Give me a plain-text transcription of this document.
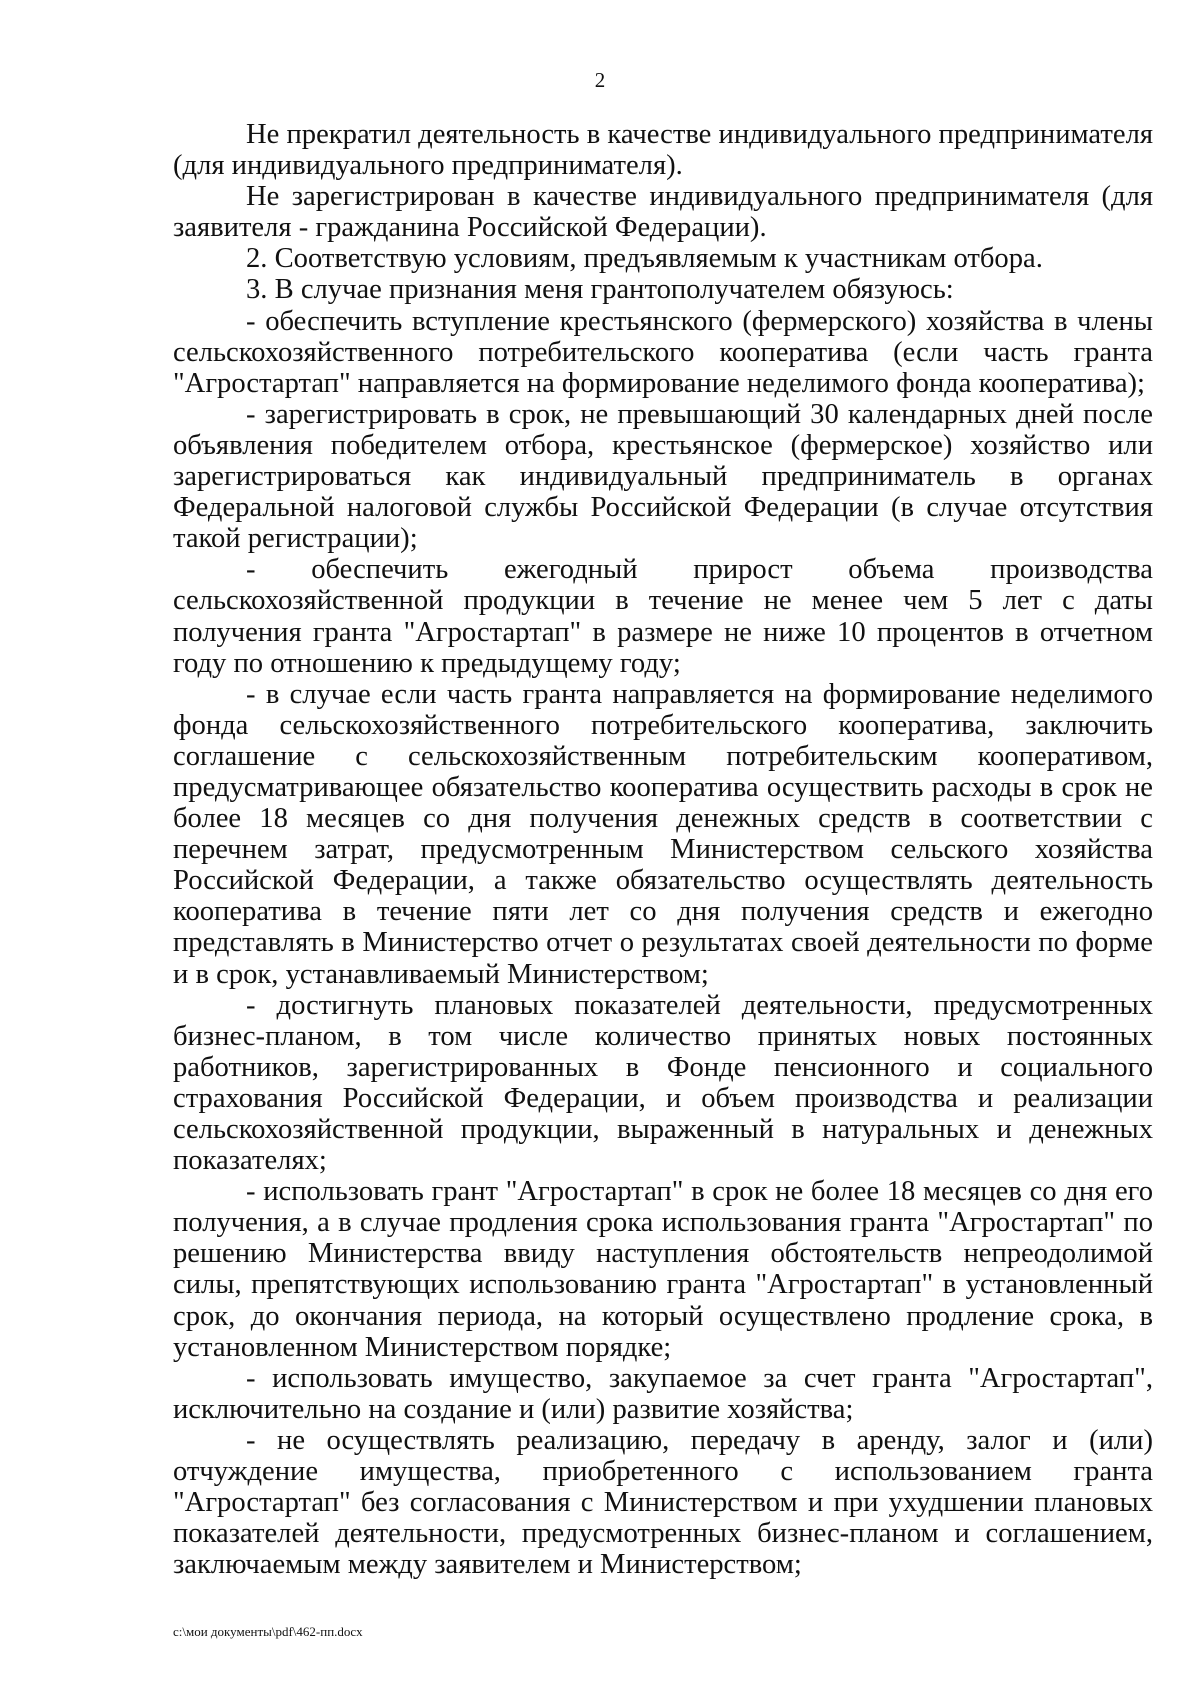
2

Не прекратил деятельность в качестве индивидуального предпринимателя (для индивидуального предпринимателя).

Не зарегистрирован в качестве индивидуального предпринимателя (для заявителя - гражданина Российской Федерации).

2. Соответствую условиям, предъявляемым к участникам отбора.

3. В случае признания меня грантополучателем обязуюсь:

- обеспечить вступление крестьянского (фермерского) хозяйства в члены сельскохозяйственного потребительского кооператива (если часть гранта "Агростартап" направляется на формирование неделимого фонда кооператива);

- зарегистрировать в срок, не превышающий 30 календарных дней после объявления победителем отбора, крестьянское (фермерское) хозяйство или зарегистрироваться как индивидуальный предприниматель в органах Федеральной налоговой службы Российской Федерации (в случае отсутствия такой регистрации);

- обеспечить ежегодный прирост объема производства сельскохозяйственной продукции в течение не менее чем 5 лет с даты получения гранта "Агростартап" в размере не ниже 10 процентов в отчетном году по отношению к предыдущему году;

- в случае если часть гранта направляется на формирование неделимого фонда сельскохозяйственного потребительского кооператива, заключить соглашение с сельскохозяйственным потребительским кооперативом, предусматривающее обязательство кооператива осуществить расходы в срок не более 18 месяцев со дня получения денежных средств в соответствии с перечнем затрат, предусмотренным Министерством сельского хозяйства Российской Федерации, а также обязательство осуществлять деятельность кооператива в течение пяти лет со дня получения средств и ежегодно представлять в Министерство отчет о результатах своей деятельности по форме и в срок, устанавливаемый Министерством;

- достигнуть плановых показателей деятельности, предусмотренных бизнес-планом, в том числе количество принятых новых постоянных работников, зарегистрированных в Фонде пенсионного и социального страхования Российской Федерации, и объем производства и реализации сельскохозяйственной продукции, выраженный в натуральных и денежных показателях;

- использовать грант "Агростартап" в срок не более 18 месяцев со дня его получения, а в случае продления срока использования гранта "Агростартап" по решению Министерства ввиду наступления обстоятельств непреодолимой силы, препятствующих использованию гранта "Агростартап" в установленный срок, до окончания периода, на который осуществлено продление срока, в установленном Министерством порядке;

- использовать имущество, закупаемое за счет гранта "Агростартап", исключительно на создание и (или) развитие хозяйства;

- не осуществлять реализацию, передачу в аренду, залог и (или) отчуждение имущества, приобретенного с использованием гранта "Агростартап" без согласования с Министерством и при ухудшении плановых показателей деятельности, предусмотренных бизнес-планом и соглашением, заключаемым между заявителем и Министерством;

c:\мои документы\pdf\462-пп.docx
